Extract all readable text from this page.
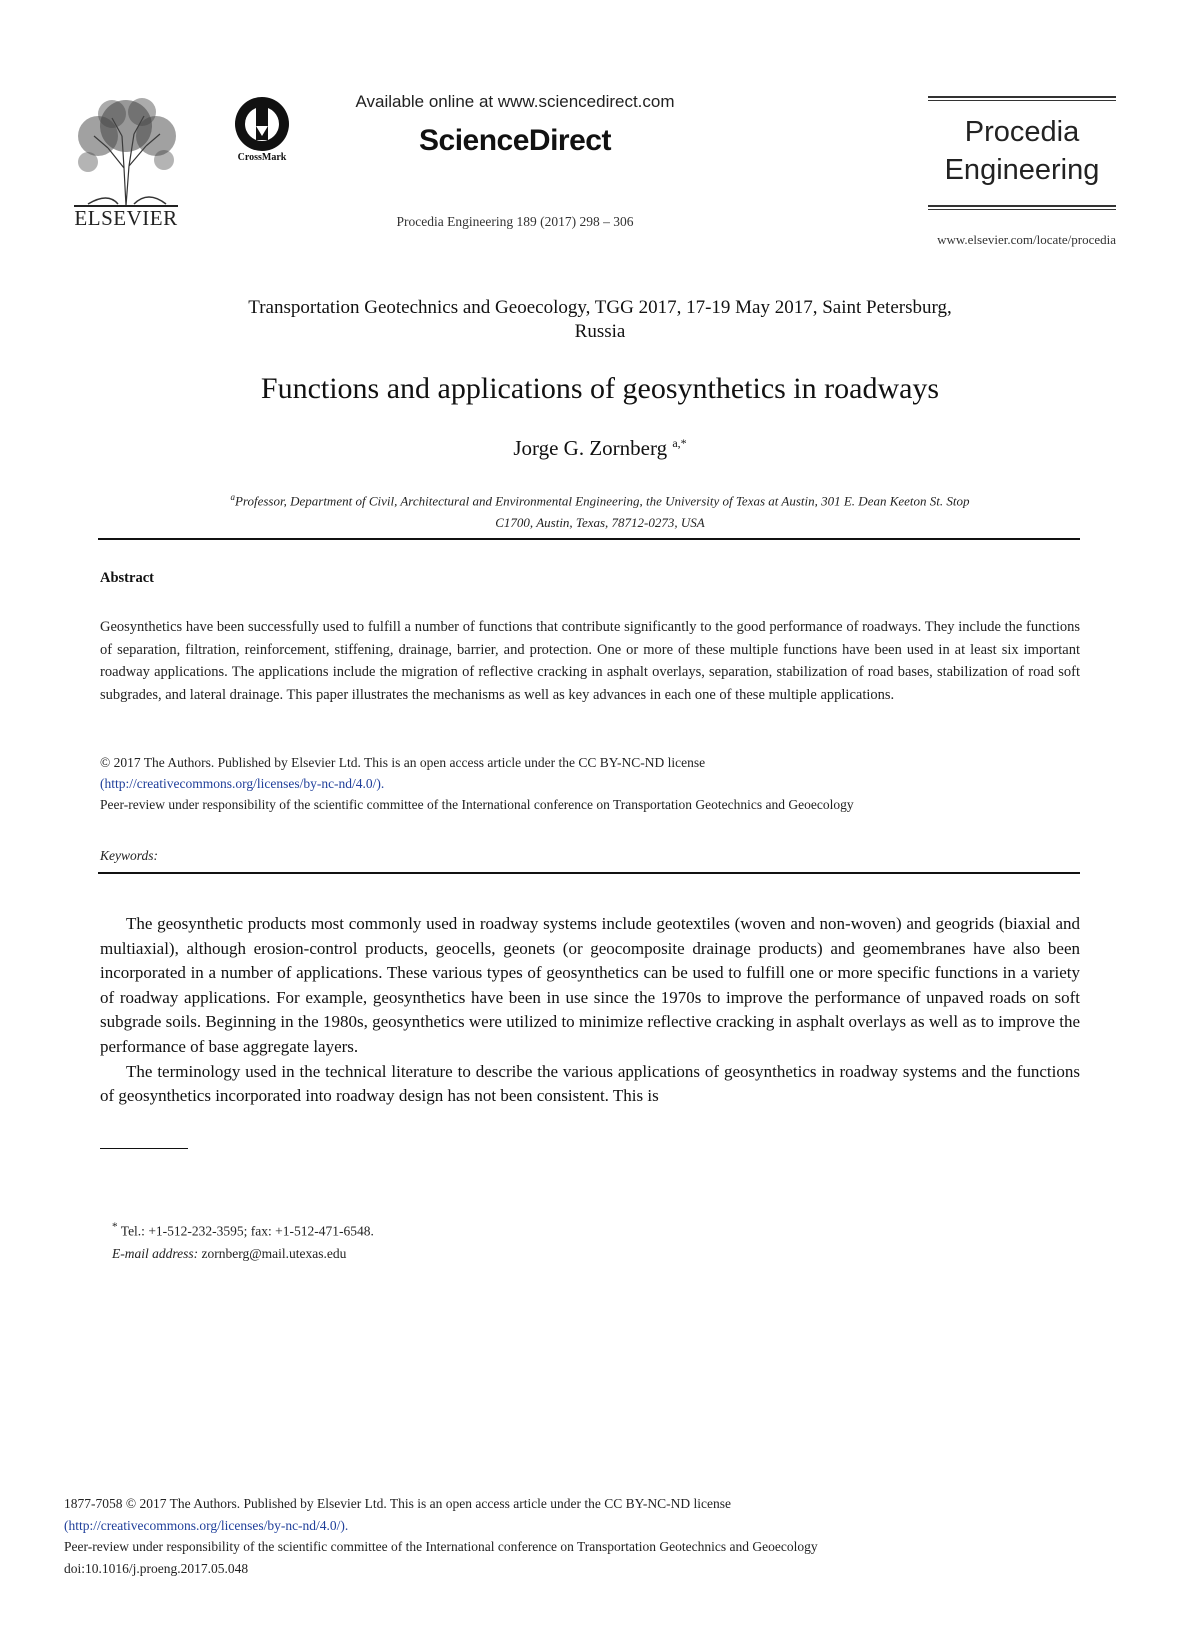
ELSEVIER
CrossMark
Available online at www.sciencedirect.com
ScienceDirect
Procedia Engineering 189 (2017) 298 – 306
Procedia
Engineering
www.elsevier.com/locate/procedia
Transportation Geotechnics and Geoecology, TGG 2017, 17-19 May 2017, Saint Petersburg,
Russia
Functions and applications of geosynthetics in roadways
Jorge G. Zornberg $^{a,*}$
$^a$Professor, Department of Civil, Architectural and Environmental Engineering, the University of Texas at Austin, 301 E. Dean Keeton St. Stop
C1700, Austin, Texas, 78712-0273, USA
Abstract
Geosynthetics have been successfully used to fulfill a number of functions that contribute significantly to the good performance of roadways. They include the functions of separation, filtration, reinforcement, stiffening, drainage, barrier, and protection. One or more of these multiple functions have been used in at least six important roadway applications. The applications include the migration of reflective cracking in asphalt overlays, separation, stabilization of road bases, stabilization of road soft subgrades, and lateral drainage. This paper illustrates the mechanisms as well as key advances in each one of these multiple applications.
© 2017 The Authors. Published by Elsevier Ltd. This is an open access article under the CC BY-NC-ND license
(http://creativecommons.org/licenses/by-nc-nd/4.0/).
Peer-review under responsibility of the scientific committee of the International conference on Transportation Geotechnics and Geoecology
Keywords:

The geosynthetic products most commonly used in roadway systems include geotextiles (woven and non-woven) and geogrids (biaxial and multiaxial), although erosion-control products, geocells, geonets (or geocomposite drainage products) and geomembranes have also been incorporated in a number of applications. These various types of geosynthetics can be used to fulfill one or more specific functions in a variety of roadway applications. For example, geosynthetics have been in use since the 1970s to improve the performance of unpaved roads on soft subgrade soils. Beginning in the 1980s, geosynthetics were utilized to minimize reflective cracking in asphalt overlays as well as to improve the performance of base aggregate layers.

The terminology used in the technical literature to describe the various applications of geosynthetics in roadway systems and the functions of geosynthetics incorporated into roadway design has not been consistent. This is

* Tel.: +1-512-232-3595; fax: +1-512-471-6548.
E-mail address: zornberg@mail.utexas.edu
1877-7058 © 2017 The Authors. Published by Elsevier Ltd. This is an open access article under the CC BY-NC-ND license
(http://creativecommons.org/licenses/by-nc-nd/4.0/).
Peer-review under responsibility of the scientific committee of the International conference on Transportation Geotechnics and Geoecology
doi:10.1016/j.proeng.2017.05.048
